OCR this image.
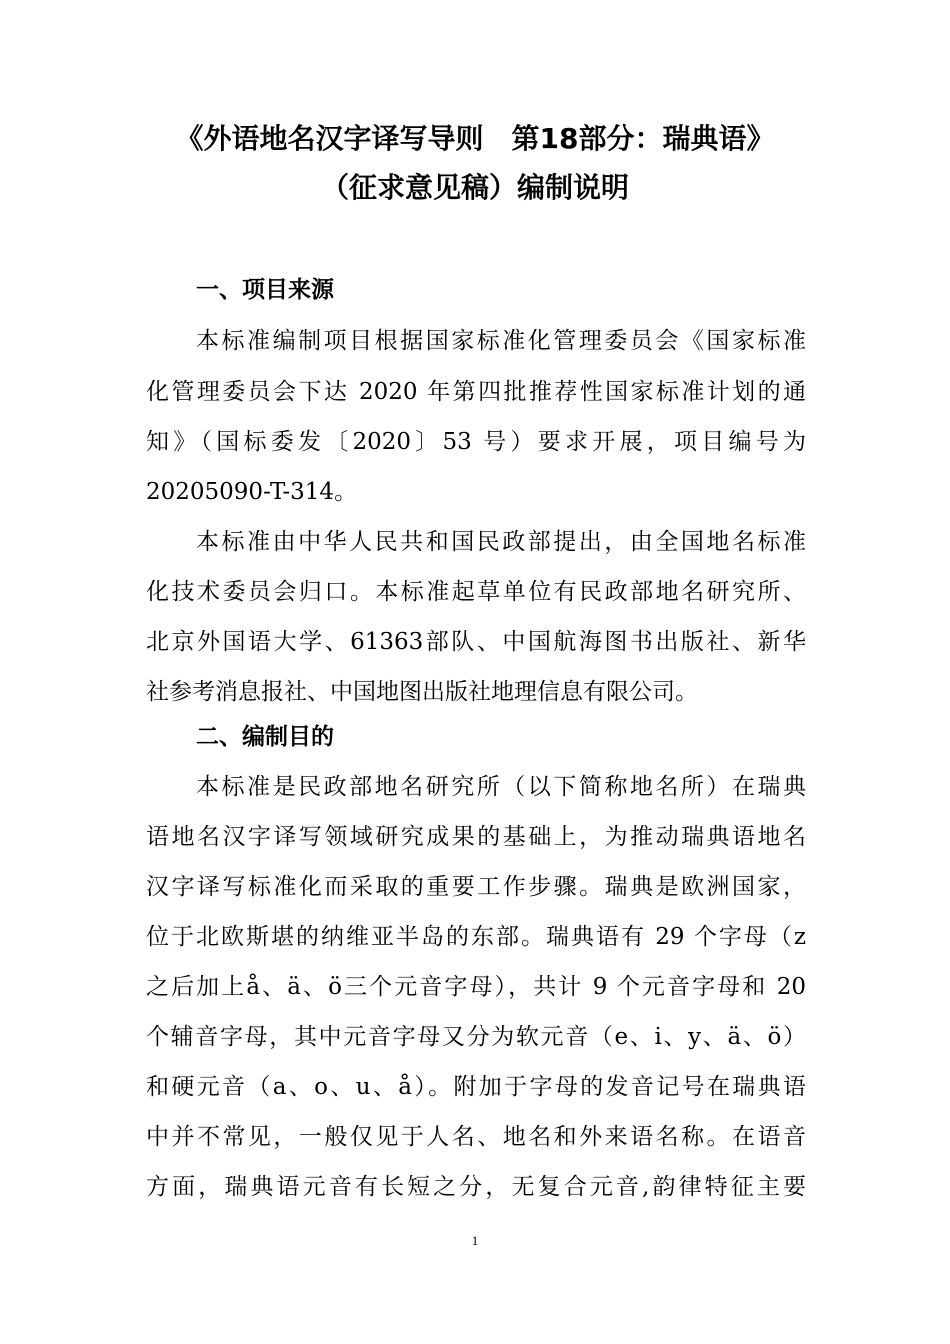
《外语地名汉字译写导则　第18部分：瑞典语》
（征求意见稿）编制说明
一、项目来源
本标准编制项目根据国家标准化管理委员会《国家标准
化管理委员会下达 2020 年第四批推荐性国家标准计划的通
知》（国标委发〔2020〕53 号）要求开展，项目编号为
20205090-T-314。
本标准由中华人民共和国民政部提出，由全国地名标准
化技术委员会归口。本标准起草单位有民政部地名研究所、
北京外国语大学、61363部队、中国航海图书出版社、新华
社参考消息报社、中国地图出版社地理信息有限公司。
二、编制目的
本标准是民政部地名研究所（以下简称地名所）在瑞典
语地名汉字译写领域研究成果的基础上，为推动瑞典语地名
汉字译写标准化而采取的重要工作步骤。瑞典是欧洲国家，
位于北欧斯堪的纳维亚半岛的东部。瑞典语有 29 个字母（z
之后加上å、ä、ö三个元音字母），共计 9 个元音字母和 20
个辅音字母，其中元音字母又分为软元音（e、i、y、ä、ö）
和硬元音（a、o、u、å）。附加于字母的发音记号在瑞典语
中并不常见，一般仅见于人名、地名和外来语名称。在语音
方面，瑞典语元音有长短之分，无复合元音,韵律特征主要
1
